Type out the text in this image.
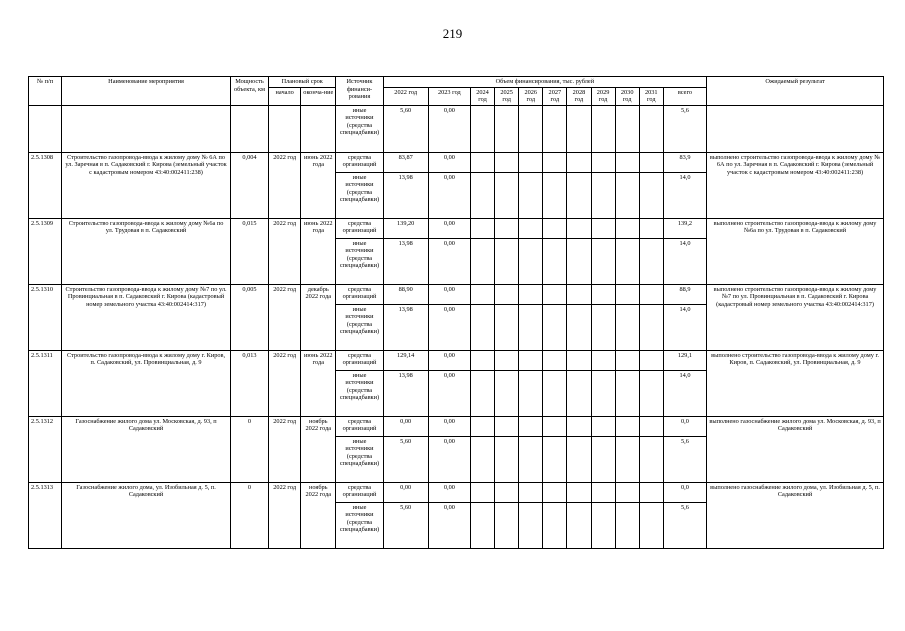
219
№ п/п	Наименование мероприятия	Мощность объекта, км	Плановый срок		Источник финанси-рования	Объем финансирования, тыс. рублей											Ожидаемый результат
			начало	оконча-ние		2022 год	2023 год	2024 год	2025 год	2026 год	2027 год	2028 год	2029 год	2030 год	2031 год	всего	
					иные источники (средства спецнадбавки)	5,60	0,00									5,6	
2.5.1308	Строительство газопровода-ввода к жилому дому № 6А по ул. Заречная в п. Садаковский г. Кирова (земельный участок с кадастровым номером 43:40:002411:238)	0,004	2022 год	июнь 2022 года	средства организаций	83,87	0,00									83,9	выполнено строительство газопровода-ввода к жилому дому № 6А по ул. Заречная в п. Садаковский г. Кирова (земельный участок с кадастровым номером 43:40:002411:238)
					иные источники (средства спецнадбавки)	13,98	0,00									14,0	
2.5.1309	Строительство газопровода-ввода к жилому дому №6а по ул. Трудовая в п. Садаковский	0,015	2022 год	июнь 2022 года	средства организаций	139,20	0,00									139,2	выполнено строительство газопровода-ввода к жилому дому №6а по ул. Трудовая в п. Садаковский
					иные источники (средства спецнадбавки)	13,98	0,00									14,0	
2.5.1310	Строительство газопровода-ввода к жилому дому №7 по ул. Провинциальная в п. Садаковский г. Кирова (кадастровый номер земельного участка 43:40:002414:317)	0,005	2022 год	декабрь 2022 года	средства организаций	88,90	0,00									88,9	выполнено строительство газопровода-ввода к жилому дому №7 по ул. Провинциальная в п. Садаковский г. Кирова (кадастровый номер земельного участка 43:40:002414:317)
					иные источники (средства спецнадбавки)	13,98	0,00									14,0	
2.5.1311	Строительство газопровода-ввода к жилому дому г. Киров, п. Садаковский, ул. Провинциальная, д. 9	0,013	2022 год	июнь 2022 года	средства организаций	129,14	0,00									129,1	выполнено строительство газопровода-ввода к жилому дому г. Киров, п. Садаковский, ул. Провинциальная, д. 9
					иные источники (средства спецнадбавки)	13,98	0,00									14,0	
2.5.1312	Газоснабжение жилого дома ул. Московская, д. 93, п Садаковский	0	2022 год	ноябрь 2022 года	средства организаций	0,00	0,00									0,0	выполнено газоснабжение жилого дома ул. Московская, д. 93, п Садаковский
					иные источники (средства спецнадбавки)	5,60	0,00									5,6	
2.5.1313	Газоснабжение жилого дома, ул. Изобильная д. 5, п. Садаковский	0	2022 год	ноябрь 2022 года	средства организаций	0,00	0,00									0,0	выполнено газоснабжение жилого дома, ул. Изобильная д. 5, п. Садаковский
					иные источники (средства спецнадбавки)	5,60	0,00									5,6	
